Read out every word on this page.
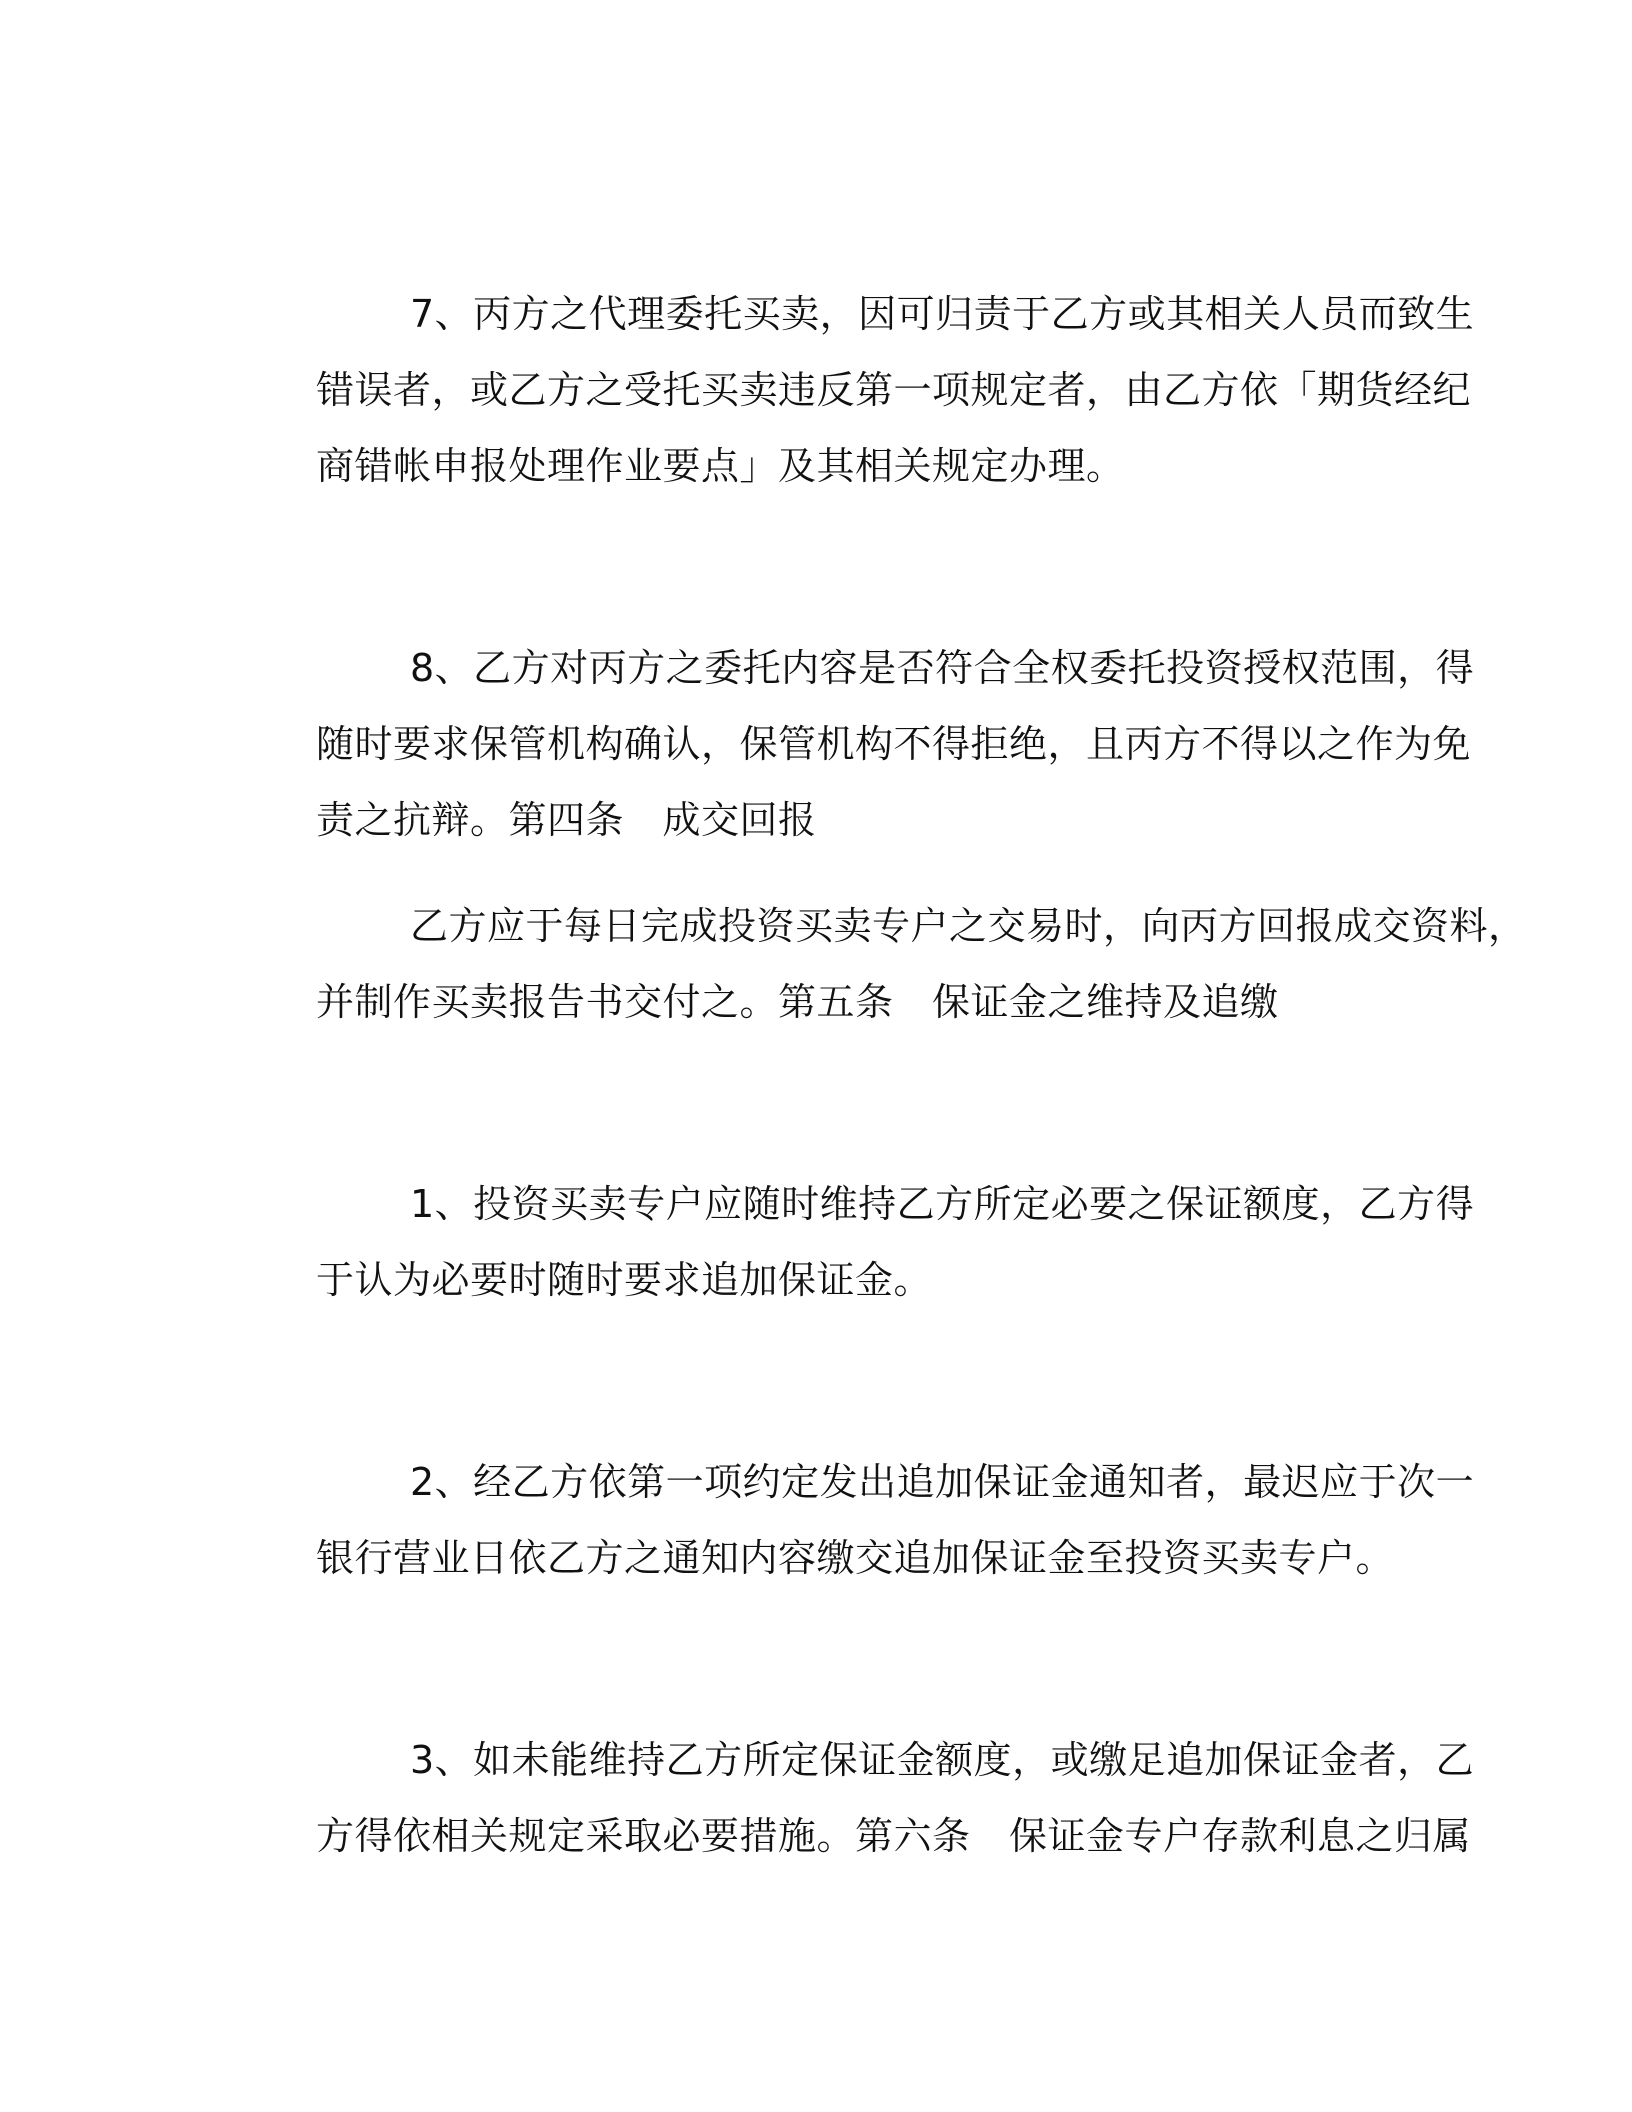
7、丙方之代理委托买卖，因可归责于乙方或其相关人员而致生
错误者，或乙方之受托买卖违反第一项规定者，由乙方依「期货经纪
商错帐申报处理作业要点」及其相关规定办理。
8、乙方对丙方之委托内容是否符合全权委托投资授权范围，得
随时要求保管机构确认，保管机构不得拒绝，且丙方不得以之作为免
责之抗辩。第四条　成交回报
乙方应于每日完成投资买卖专户之交易时，向丙方回报成交资料，
并制作买卖报告书交付之。第五条　保证金之维持及追缴
1、投资买卖专户应随时维持乙方所定必要之保证额度，乙方得
于认为必要时随时要求追加保证金。
2、经乙方依第一项约定发出追加保证金通知者，最迟应于次一
银行营业日依乙方之通知内容缴交追加保证金至投资买卖专户。
3、如未能维持乙方所定保证金额度，或缴足追加保证金者，乙
方得依相关规定采取必要措施。第六条　保证金专户存款利息之归属
